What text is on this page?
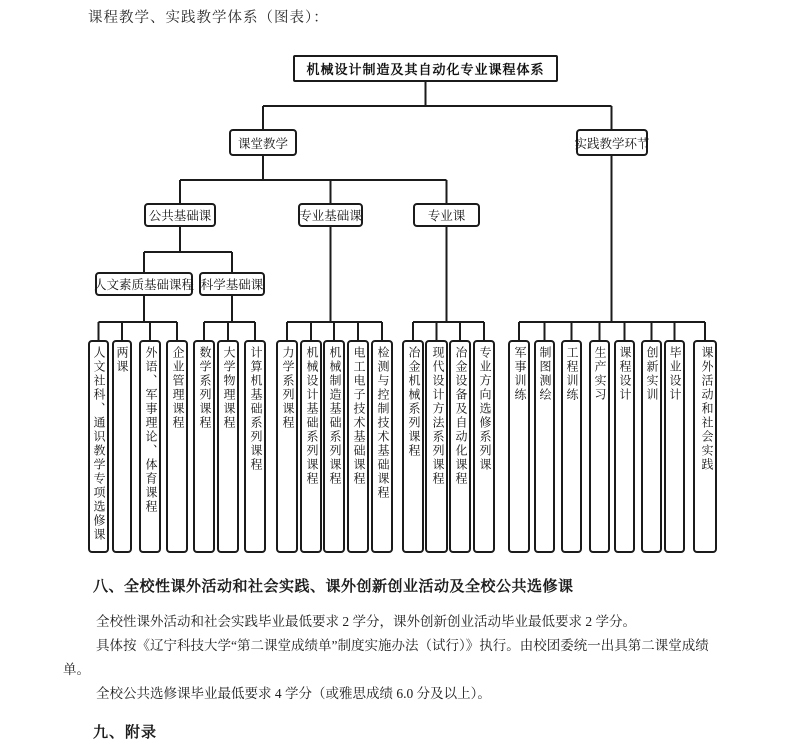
课程教学、实践教学体系（图表）：
机械设计制造及其自动化专业课程体系
课堂教学	实践教学环节
公共基础课	专业基础课	专业课
人文素质基础课程 科学基础课
人文社科、通识教学专项选修课 两课	外语、军事理论、体育课程	企业管理课程	数学系列课程 大学物理课程	计算机基础系列课程	力学系列课程 机械设计基础系列课程 机械制造基础系列课程 电工电子技术基础课程 检测与控制技术基础课程	冶金机械系列课程 现代设计方法系列课程 冶金设备及自动化课程 专业方向选修系列课	军事训练 制图测绘	工程训练	生产实习 课程设计	创新实训 毕业设计	课外活动和社会实践
八、全校性课外活动和社会实践、课外创新创业活动及全校公共选修课

全校性课外活动和社会实践毕业最低要求 2 学分，课外创新创业活动毕业最低要求 2 学分。

具体按《辽宁科技大学“第二课堂成绩单”制度实施办法（试行）》执行。由校团委统一出具第二课堂成绩单。

全校公共选修课毕业最低要求 4 学分（或雅思成绩 6.0 分及以上）。

九、附录
